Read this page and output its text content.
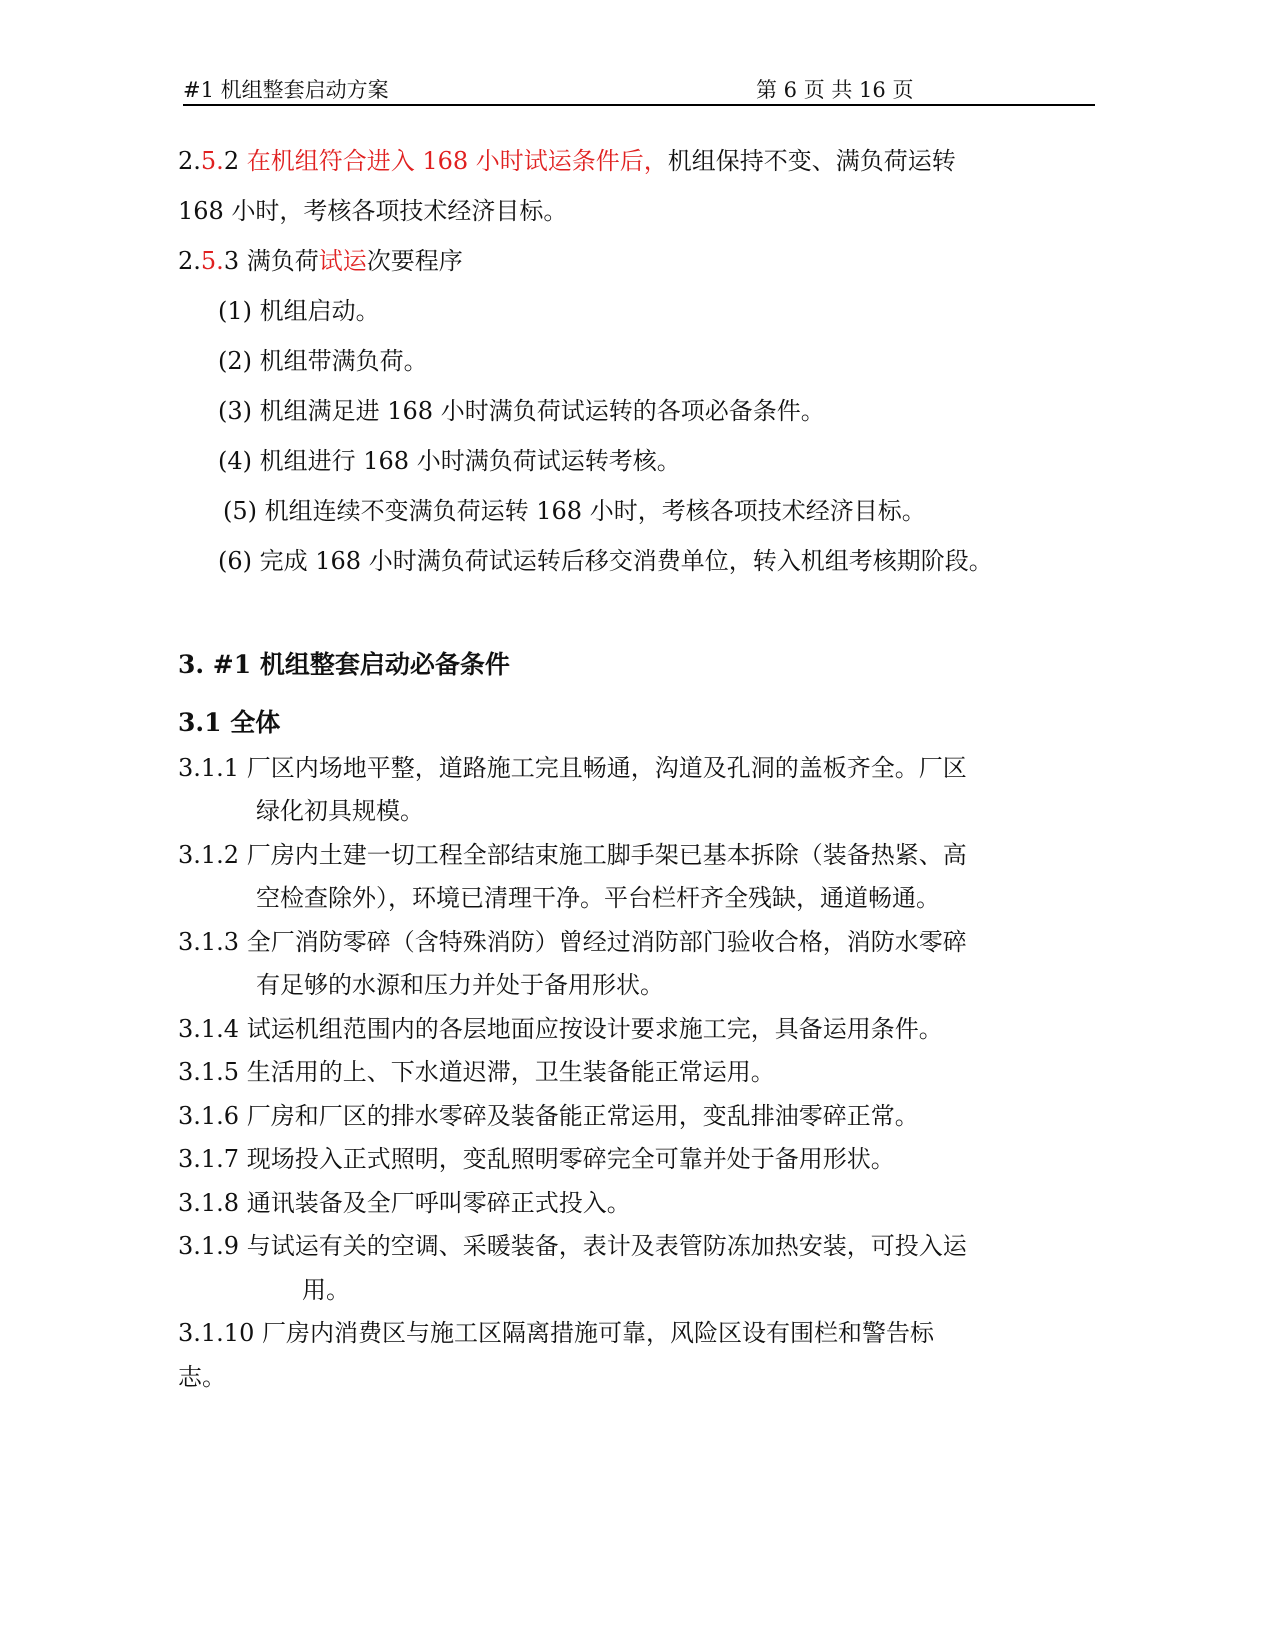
#1 机组整套启动方案	第 6 页 共 16 页
2.5.2 在机组符合进入 168 小时试运条件后，机组保持不变、满负荷运转
168 小时，考核各项技术经济目标。
2.5.3 满负荷试运次要程序
(1) 机组启动。
(2) 机组带满负荷。
(3) 机组满足进 168 小时满负荷试运转的各项必备条件。
(4) 机组进行 168 小时满负荷试运转考核。
(5) 机组连续不变满负荷运转 168 小时，考核各项技术经济目标。
(6) 完成 168 小时满负荷试运转后移交消费单位，转入机组考核期阶段。
3. #1 机组整套启动必备条件
3.1 全体
3.1.1 厂区内场地平整，道路施工完且畅通，沟道及孔洞的盖板齐全。厂区
绿化初具规模。
3.1.2 厂房内土建一切工程全部结束施工脚手架已基本拆除（装备热紧、高
空检查除外），环境已清理干净。平台栏杆齐全残缺，通道畅通。
3.1.3 全厂消防零碎（含特殊消防）曾经过消防部门验收合格，消防水零碎
有足够的水源和压力并处于备用形状。
3.1.4 试运机组范围内的各层地面应按设计要求施工完，具备运用条件。
3.1.5 生活用的上、下水道迟滞，卫生装备能正常运用。
3.1.6 厂房和厂区的排水零碎及装备能正常运用，变乱排油零碎正常。
3.1.7 现场投入正式照明，变乱照明零碎完全可靠并处于备用形状。
3.1.8 通讯装备及全厂呼叫零碎正式投入。
3.1.9 与试运有关的空调、采暖装备，表计及表管防冻加热安装，可投入运
用。
3.1.10 厂房内消费区与施工区隔离措施可靠，风险区设有围栏和警告标
志。
